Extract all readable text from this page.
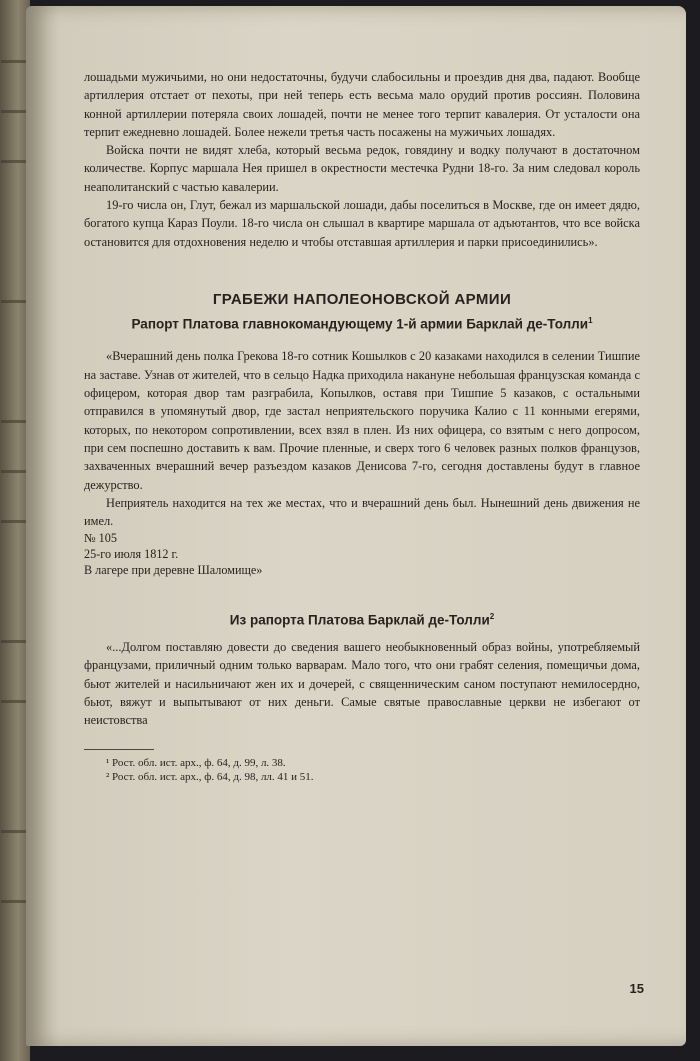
лошадьми мужичьими, но они недостаточны, будучи слабосильны и проездив дня два, падают. Вообще артиллерия отстает от пехоты, при ней теперь есть весьма мало орудий против россиян. Половина конной артиллерии потеряла своих лошадей, почти не менее того терпит кавалерия. От усталости она терпит ежедневно лошадей. Более нежели третья часть посажены на мужичьих лошадях.

Войска почти не видят хлеба, который весьма редок, говядину и водку получают в достаточном количестве. Корпус маршала Нея пришел в окрестности местечка Рудни 18-го. За ним следовал король неаполитанский с частью кавалерии.

19-го числа он, Глут, бежал из маршальской лошади, дабы поселиться в Москве, где он имеет дядю, богатого купца Караз Поули. 18-го числа он слышал в квартире маршала от адъютантов, что все войска остановится для отдохновения неделю и чтобы отставшая артиллерия и парки присоединились».

ГРАБЕЖИ НАПОЛЕОНОВСКОЙ АРМИИ
Рапорт Платова главнокомандующему 1-й армии Барклай де-Толли$^1$

«Вчерашний день полка Грекова 18-го сотник Кошылков с 20 казаками находился в селении Тишпие на заставе. Узнав от жителей, что в сельцо Надка приходила накануне небольшая французская команда с офицером, которая двор там разграбила, Копылков, оставя при Тишпие 5 казаков, с остальными отправился в упомянутый двор, где застал неприятельского поручика Калио с 11 конными егерями, которых, по некотором сопротивлении, всех взял в плен. Из них офицера, со взятым с него допросом, при сем поспешно доставить к вам. Прочие пленные, и сверх того 6 человек разных полков французов, захваченных вчерашний вечер разъездом казаков Денисова 7-го, сегодня доставлены будут в главное дежурство.

Неприятель находится на тех же местах, что и вчерашний день был. Нынешний день движения не имел.

№ 105
25-го июля 1812 г.
В лагере при деревне Шаломище»
Из рапорта Платова Барклай де-Толли$^2$

«...Долгом поставляю довести до сведения вашего необыкновенный образ войны, употребляемый французами, приличный одним только варварам. Мало того, что они грабят селения, помещичьи дома, бьют жителей и насильничают жен их и дочерей, с священническим саном поступают немилосердно, бьют, вяжут и выпытывают от них деньги. Самые святые православные церкви не избегают от неистовства

¹ Рост. обл. ист. арх., ф. 64, д. 99, л. 38.
² Рост. обл. ист. арх., ф. 64, д. 98, лл. 41 и 51.
15
